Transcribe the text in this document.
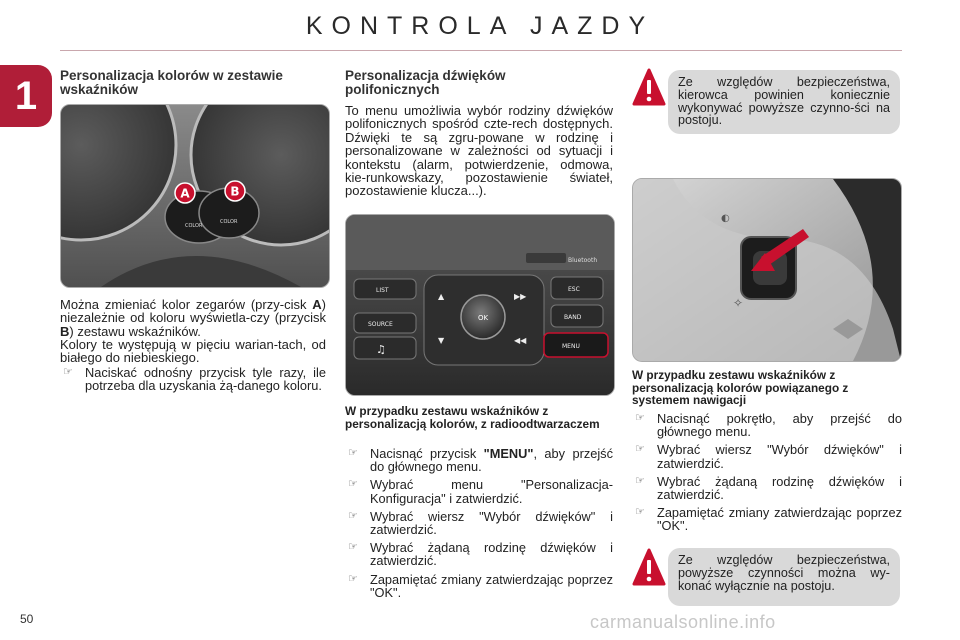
KONTROLA JAZDY
1	Personalizacja kolorów w zestawie wskaźników
COLOR
COLOR
A	B
Można zmieniać kolor zegarów (przy-cisk A) niezależnie od koloru wyświetla-czy (przycisk B) zestawu wskaźników.
Kolory te występują w pięciu warian-tach, od białego do niebieskiego.
☞ Naciskać odnośny przycisk tyle razy, ile potrzeba dla uzyskania żą-danego koloru.
Personalizacja dźwięków polifonicznych
To menu umożliwia wybór rodziny dźwięków polifonicznych spośród czte-rech dostępnych. Dźwięki te są zgru-powane w rodzinę i personalizowane w zależności od sytuacji i kontekstu (alarm, potwierdzenie, odmowa, kie-runkowskazy, pozostawienie świateł, pozostawienie klucza...).
Bluetooth
LIST
SOURCE
♫
▲	▶▶
◀◀
▼
OK
ESC
BAND
MENU
W przypadku zestawu wskaźników z personalizacją kolorów, z radioodtwarzaczem
☞ Nacisnąć przycisk "MENU", aby przejść do głównego menu.
☞ Wybrać menu "Personalizacja-Konfiguracja" i zatwierdzić.
☞ Wybrać wiersz "Wybór dźwięków" i zatwierdzić.
☞ Wybrać żądaną rodzinę dźwięków i zatwierdzić.
☞ Zapamiętać zmiany zatwierdzając poprzez "OK".
Ze względów bezpieczeństwa, kierowca powinien koniecznie wykonywać powyższe czynno-ści na postoju.
◐
✧
W przypadku zestawu wskaźników z personalizacją kolorów powiązanego z systemem nawigacji
☞ Nacisnąć pokrętło, aby przejść do głównego menu.
☞ Wybrać wiersz "Wybór dźwięków" i zatwierdzić.
☞ Wybrać żądaną rodzinę dźwięków i zatwierdzić.
☞ Zapamiętać zmiany zatwierdzając poprzez "OK".
Ze względów bezpieczeństwa, powyższe czynności można wy-konać wyłącznie na postoju.
50	carmanualsonline.info
